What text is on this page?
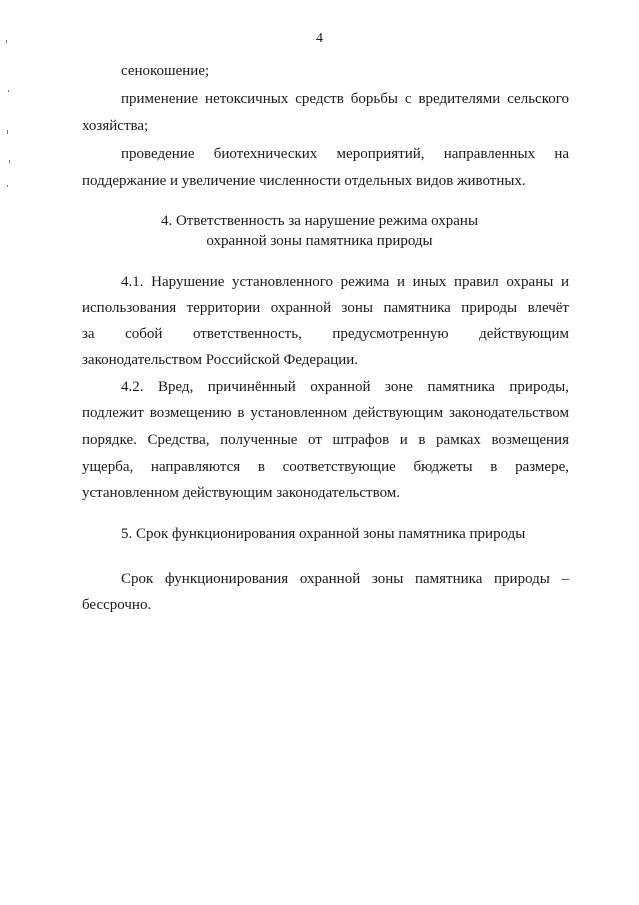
4
сенокошение;
применение нетоксичных средств борьбы с вредителями сельского
хозяйства;
проведение биотехнических мероприятий, направленных на
поддержание и увеличение численности отдельных видов животных.
4. Ответственность за нарушение режима охраны
охранной зоны памятника природы
4.1. Нарушение установленного режима и иных правил охраны и
использования территории охранной зоны памятника природы влечёт
за собой ответственность, предусмотренную действующим
законодательством Российской Федерации.
4.2. Вред, причинённый охранной зоне памятника природы,
подлежит возмещению в установленном действующим законодательством
порядке. Средства, полученные от штрафов и в рамках возмещения
ущерба, направляются в соответствующие бюджеты в размере,
установленном действующим законодательством.
5. Срок функционирования охранной зоны памятника природы
Срок функционирования охранной зоны памятника природы –
бессрочно.
